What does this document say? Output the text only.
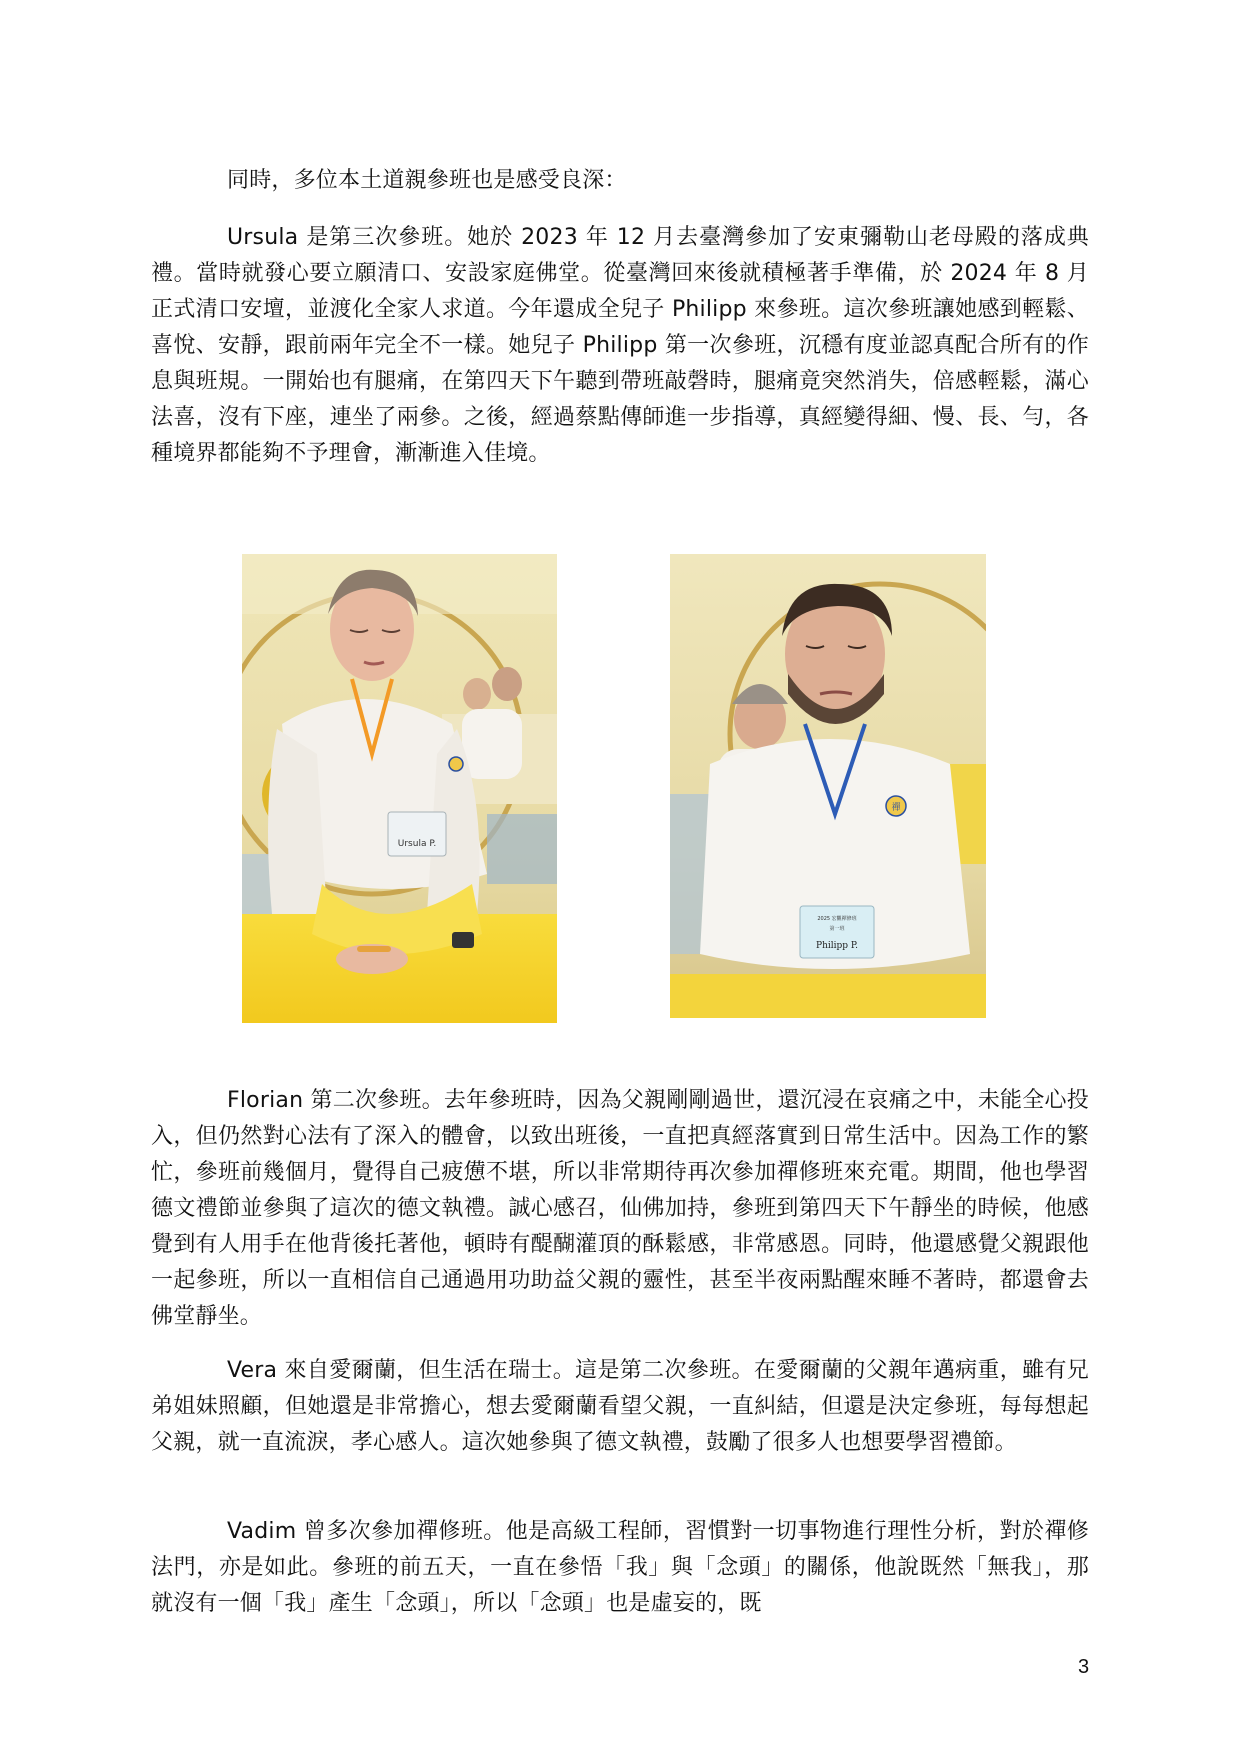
同時，多位本土道親參班也是感受良深：

Ursula 是第三次參班。她於 2023 年 12 月去臺灣參加了安東彌勒山老母殿的落成典禮。當時就發心要立願清口、安設家庭佛堂。從臺灣回來後就積極著手準備，於 2024 年 8 月正式清口安壇，並渡化全家人求道。今年還成全兒子 Philipp 來參班。這次參班讓她感到輕鬆、喜悅、安靜，跟前兩年完全不一樣。她兒子 Philipp 第一次參班，沉穩有度並認真配合所有的作息與班規。一開始也有腿痛，在第四天下午聽到帶班敲磬時，腿痛竟突然消失，倍感輕鬆，滿心法喜，沒有下座，連坐了兩參。之後，經過蔡點傳師進一步指導，真經變得細、慢、長、勻，各種境界都能夠不予理會，漸漸進入佳境。

Ursula P.
2025 宏觀禪修班
第一班
Philipp P.
禪

Florian 第二次參班。去年參班時，因為父親剛剛過世，還沉浸在哀痛之中，未能全心投入，但仍然對心法有了深入的體會，以致出班後，一直把真經落實到日常生活中。因為工作的繁忙，參班前幾個月，覺得自己疲憊不堪，所以非常期待再次參加禪修班來充電。期間，他也學習德文禮節並參與了這次的德文執禮。誠心感召，仙佛加持，參班到第四天下午靜坐的時候，他感覺到有人用手在他背後托著他，頓時有醍醐灌頂的酥鬆感，非常感恩。同時，他還感覺父親跟他一起參班，所以一直相信自己通過用功助益父親的靈性，甚至半夜兩點醒來睡不著時，都還會去佛堂靜坐。

Vera 來自愛爾蘭，但生活在瑞士。這是第二次參班。在愛爾蘭的父親年邁病重，雖有兄弟姐妹照顧，但她還是非常擔心，想去愛爾蘭看望父親，一直糾結，但還是決定參班，每每想起父親，就一直流淚，孝心感人。這次她參與了德文執禮，鼓勵了很多人也想要學習禮節。

Vadim 曾多次參加禪修班。他是高級工程師，習慣對一切事物進行理性分析，對於禪修法門，亦是如此。參班的前五天，一直在參悟「我」與「念頭」的關係，他說既然「無我」，那就沒有一個「我」產生「念頭」，所以「念頭」也是虛妄的，既

3
